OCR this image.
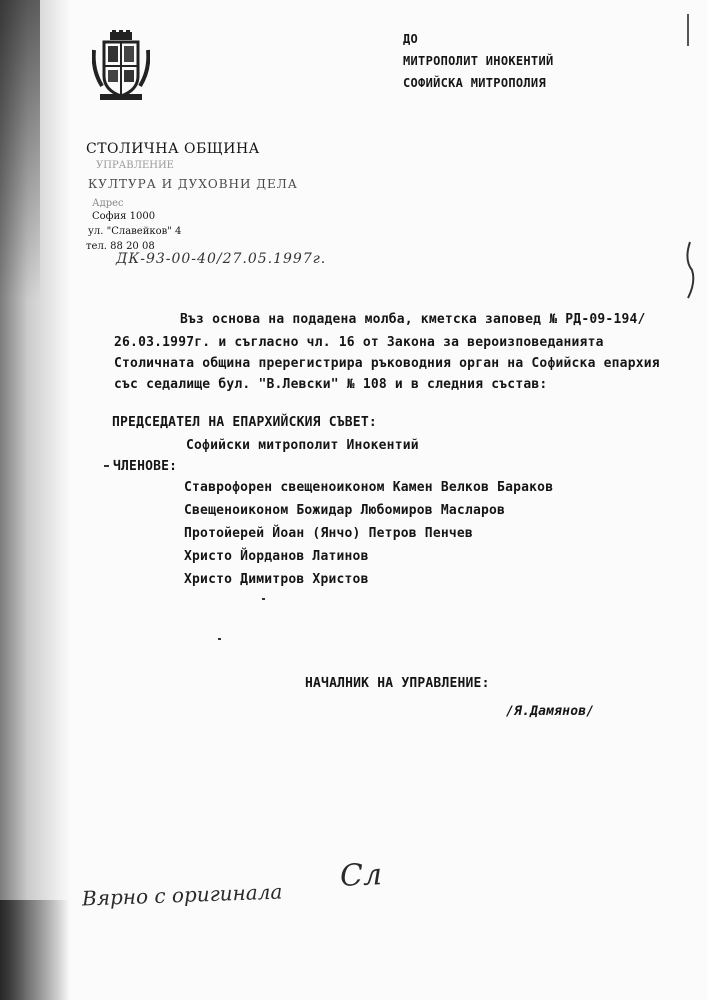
ДО
МИТРОПОЛИТ ИНОКЕНТИЙ
СОФИЙСКА МИТРОПОЛИЯ
СТОЛИЧНА ОБЩИНА
УПРАВЛЕНИЕ
КУЛТУРА И ДУХОВНИ ДЕЛА
Адрес
София 1000
ул. "Славейков" 4
тел. 88 20 08
ДК-93-00-40/27.05.1997г.
Въз основа на подадена молба, кметска заповед № РД-09-194/
26.03.1997г. и съгласно чл. 16 от Закона за вероизповеданията
Столичната община пререгистрира ръководния орган на Софийска епархия
със седалище бул. "В.Левски" № 108 и в следния състав:
ПРЕДСЕДАТЕЛ НА ЕПАРХИЙСКИЯ СЪВЕТ:
Софийски митрополит Инокентий
ЧЛЕНОВЕ:
Ставрофорен свещеноиконом Камен Велков Бараков
Свещеноиконом Божидар Любомиров Масларов
Протойерей Йоан (Янчо) Петров Пенчев
Христо Йорданов Латинов
Христо Димитров Христов
НАЧАЛНИК НА УПРАВЛЕНИЕ:
/Я.Дамянов/
Вярно с оригинала
Сл
